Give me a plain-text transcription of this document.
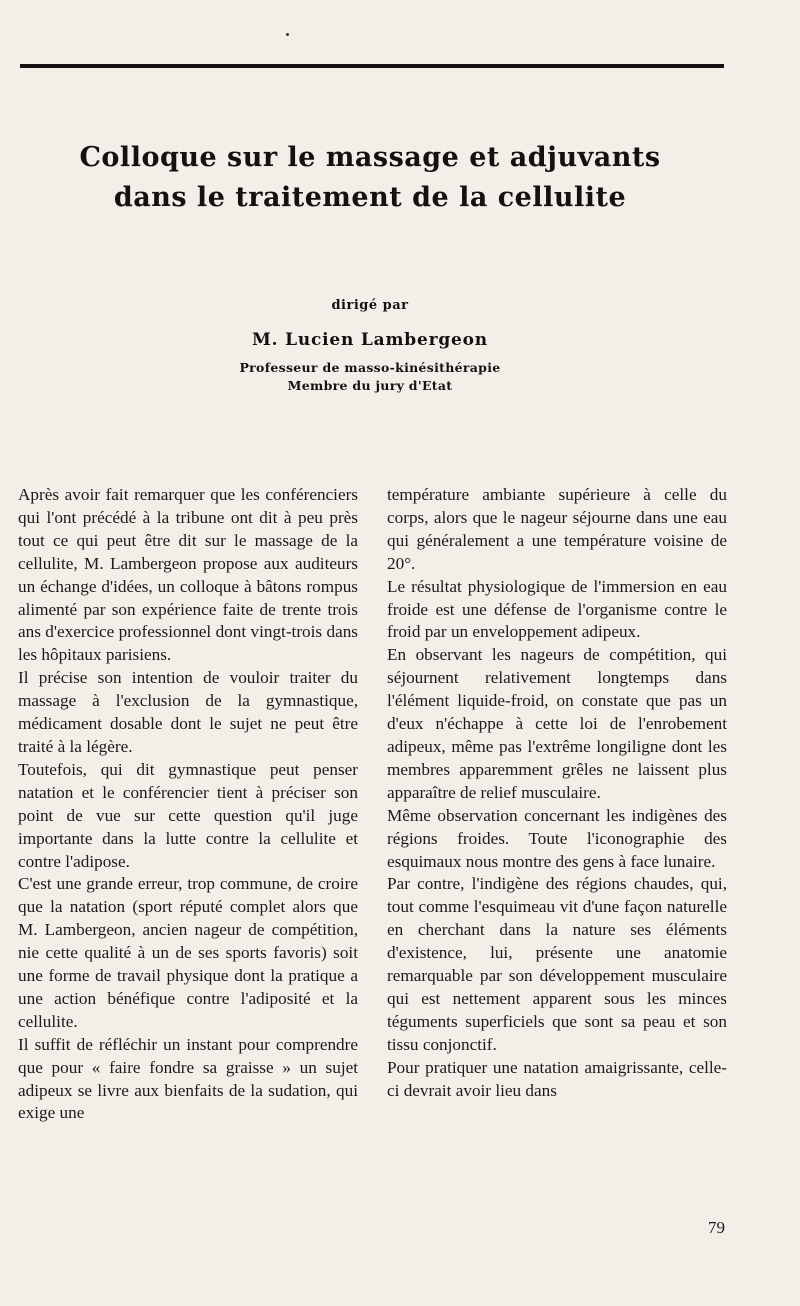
Colloque sur le massage et adjuvants
dans le traitement de la cellulite
dirigé par
M. Lucien Lambergeon
Professeur de masso-kinésithérapie
Membre du jury d'Etat

Après avoir fait remarquer que les conférenciers qui l'ont précédé à la tribune ont dit à peu près tout ce qui peut être dit sur le massage de la cellulite, M. Lambergeon propose aux auditeurs un échange d'idées, un colloque à bâtons rompus alimenté par son expérience faite de trente trois ans d'exercice professionnel dont vingt-trois dans les hôpitaux parisiens.

Il précise son intention de vouloir traiter du massage à l'exclusion de la gymnastique, médicament dosable dont le sujet ne peut être traité à la légère.

Toutefois, qui dit gymnastique peut penser natation et le conférencier tient à préciser son point de vue sur cette question qu'il juge importante dans la lutte contre la cellulite et contre l'adipose.

C'est une grande erreur, trop commune, de croire que la natation (sport réputé complet alors que M. Lambergeon, ancien nageur de compétition, nie cette qualité à un de ses sports favoris) soit une forme de travail physique dont la pratique a une action bénéfique contre l'adiposité et la cellulite.

Il suffit de réfléchir un instant pour comprendre que pour « faire fondre sa graisse » un sujet adipeux se livre aux bienfaits de la sudation, qui exige une

température ambiante supérieure à celle du corps, alors que le nageur séjourne dans une eau qui généralement a une température voisine de 20°.

Le résultat physiologique de l'immersion en eau froide est une défense de l'organisme contre le froid par un enveloppement adipeux.

En observant les nageurs de compétition, qui séjournent relativement longtemps dans l'élément liquide-froid, on constate que pas un d'eux n'échappe à cette loi de l'enrobement adipeux, même pas l'extrême longiligne dont les membres apparemment grêles ne laissent plus apparaître de relief musculaire.

Même observation concernant les indigènes des régions froides. Toute l'iconographie des esquimaux nous montre des gens à face lunaire.

Par contre, l'indigène des régions chaudes, qui, tout comme l'esquimeau vit d'une façon naturelle en cherchant dans la nature ses éléments d'existence, lui, présente une anatomie remarquable par son développement musculaire qui est nettement apparent sous les minces téguments superficiels que sont sa peau et son tissu conjonctif.

Pour pratiquer une natation amaigrissante, celle-ci devrait avoir lieu dans

79
